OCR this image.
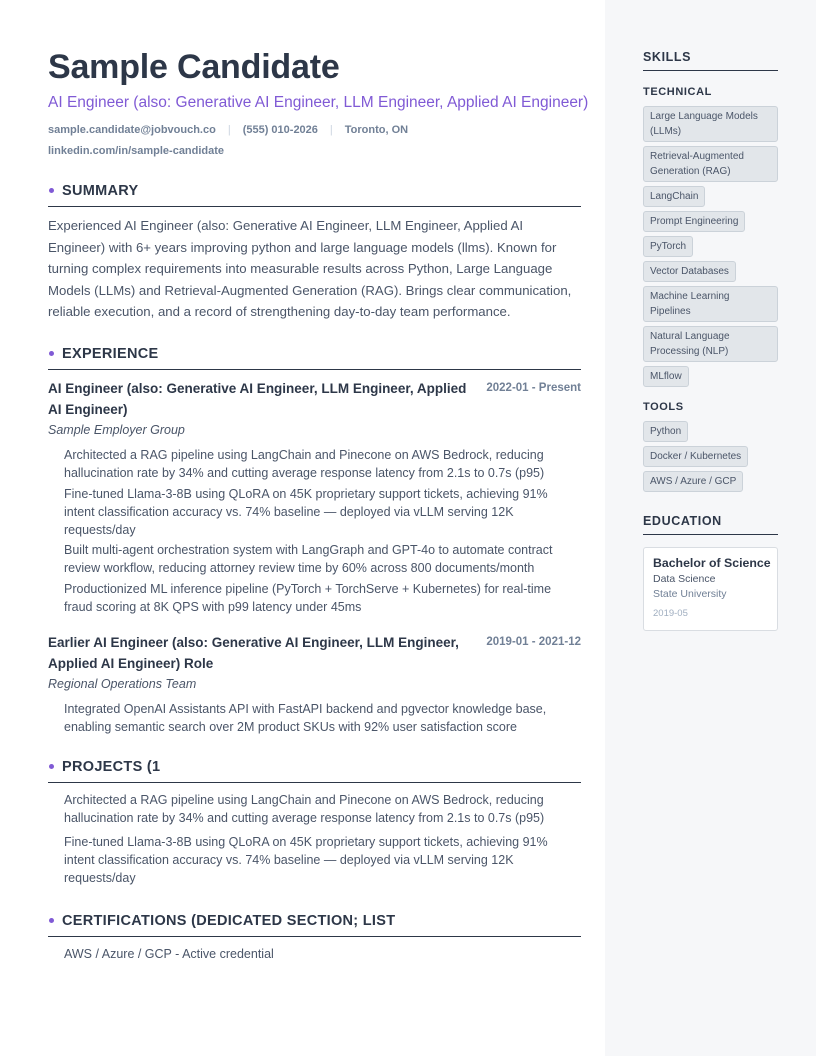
Sample Candidate
AI Engineer (also: Generative AI Engineer, LLM Engineer, Applied AI Engineer)
sample.candidate@jobvouch.co | (555) 010-2026 | Toronto, ON
linkedin.com/in/sample-candidate
SUMMARY
Experienced AI Engineer (also: Generative AI Engineer, LLM Engineer, Applied AI Engineer) with 6+ years improving python and large language models (llms). Known for turning complex requirements into measurable results across Python, Large Language Models (LLMs) and Retrieval-Augmented Generation (RAG). Brings clear communication, reliable execution, and a record of strengthening day-to-day team performance.
EXPERIENCE
AI Engineer (also: Generative AI Engineer, LLM Engineer, Applied AI Engineer)
2022-01 - Present
Sample Employer Group
Architected a RAG pipeline using LangChain and Pinecone on AWS Bedrock, reducing hallucination rate by 34% and cutting average response latency from 2.1s to 0.7s (p95)
Fine-tuned Llama-3-8B using QLoRA on 45K proprietary support tickets, achieving 91% intent classification accuracy vs. 74% baseline — deployed via vLLM serving 12K requests/day
Built multi-agent orchestration system with LangGraph and GPT-4o to automate contract review workflow, reducing attorney review time by 60% across 800 documents/month
Productionized ML inference pipeline (PyTorch + TorchServe + Kubernetes) for real-time fraud scoring at 8K QPS with p99 latency under 45ms
Earlier AI Engineer (also: Generative AI Engineer, LLM Engineer, Applied AI Engineer) Role
2019-01 - 2021-12
Regional Operations Team
Integrated OpenAI Assistants API with FastAPI backend and pgvector knowledge base, enabling semantic search over 2M product SKUs with 92% user satisfaction score
PROJECTS (1
Architected a RAG pipeline using LangChain and Pinecone on AWS Bedrock, reducing hallucination rate by 34% and cutting average response latency from 2.1s to 0.7s (p95)
Fine-tuned Llama-3-8B using QLoRA on 45K proprietary support tickets, achieving 91% intent classification accuracy vs. 74% baseline — deployed via vLLM serving 12K requests/day
CERTIFICATIONS (DEDICATED SECTION; LIST
AWS / Azure / GCP - Active credential
SKILLS
TECHNICAL
Large Language Models (LLMs)
Retrieval-Augmented Generation (RAG)
LangChain
Prompt Engineering
PyTorch
Vector Databases
Machine Learning Pipelines
Natural Language Processing (NLP)
MLflow
TOOLS
Python
Docker / Kubernetes
AWS / Azure / GCP
EDUCATION
Bachelor of Science
Data Science
State University
2019-05
